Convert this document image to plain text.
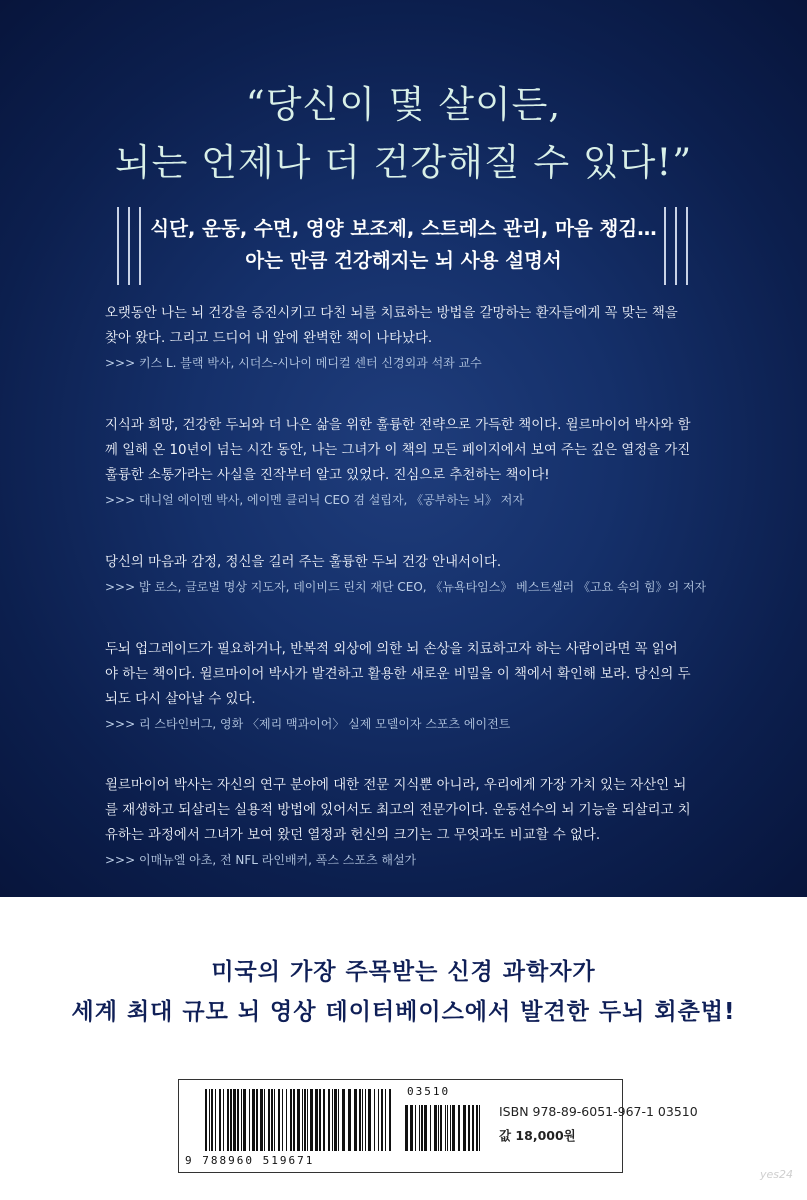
“당신이 몇 살이든,
뇌는 언제나 더 건강해질 수 있다!”
식단, 운동, 수면, 영양 보조제, 스트레스 관리, 마음 챙김…
아는 만큼 건강해지는 뇌 사용 설명서
오랫동안 나는 뇌 건강을 증진시키고 다친 뇌를 치료하는 방법을 갈망하는 환자들에게 꼭 맞는 책을
찾아 왔다. 그리고 드디어 내 앞에 완벽한 책이 나타났다.
>>> 키스 L. 블랙 박사, 시더스-시나이 메디컬 센터 신경외과 석좌 교수
지식과 희망, 건강한 두뇌와 더 나은 삶을 위한 훌륭한 전략으로 가득한 책이다. 윌르마이어 박사와 함
께 일해 온 10년이 넘는 시간 동안, 나는 그녀가 이 책의 모든 페이지에서 보여 주는 깊은 열정을 가진
훌륭한 소통가라는 사실을 진작부터 알고 있었다. 진심으로 추천하는 책이다!
>>> 대니얼 에이멘 박사, 에이멘 클리닉 CEO 겸 설립자, 《공부하는 뇌》 저자
당신의 마음과 감정, 정신을 길러 주는 훌륭한 두뇌 건강 안내서이다.
>>> 밥 로스, 글로벌 명상 지도자, 데이비드 린치 재단 CEO, 《뉴욕타임스》 베스트셀러 《고요 속의 힘》의 저자
두뇌 업그레이드가 필요하거나, 반복적 외상에 의한 뇌 손상을 치료하고자 하는 사람이라면 꼭 읽어
야 하는 책이다. 윌르마이어 박사가 발견하고 활용한 새로운 비밀을 이 책에서 확인해 보라. 당신의 두
뇌도 다시 살아날 수 있다.
>>> 리 스타인버그, 영화 〈제리 맥과이어〉 실제 모델이자 스포츠 에이전트
윌르마이어 박사는 자신의 연구 분야에 대한 전문 지식뿐 아니라, 우리에게 가장 가치 있는 자산인 뇌
를 재생하고 되살리는 실용적 방법에 있어서도 최고의 전문가이다. 운동선수의 뇌 기능을 되살리고 치
유하는 과정에서 그녀가 보여 왔던 열정과 헌신의 크기는 그 무엇과도 비교할 수 없다.
>>> 이매뉴엘 아초, 전 NFL 라인배커, 폭스 스포츠 해설가
미국의 가장 주목받는 신경 과학자가
세계 최대 규모 뇌 영상 데이터베이스에서 발견한 두뇌 회춘법!
9 788960 519671
03510
ISBN 978-89-6051-967-1 03510
값 18,000원
yes24
